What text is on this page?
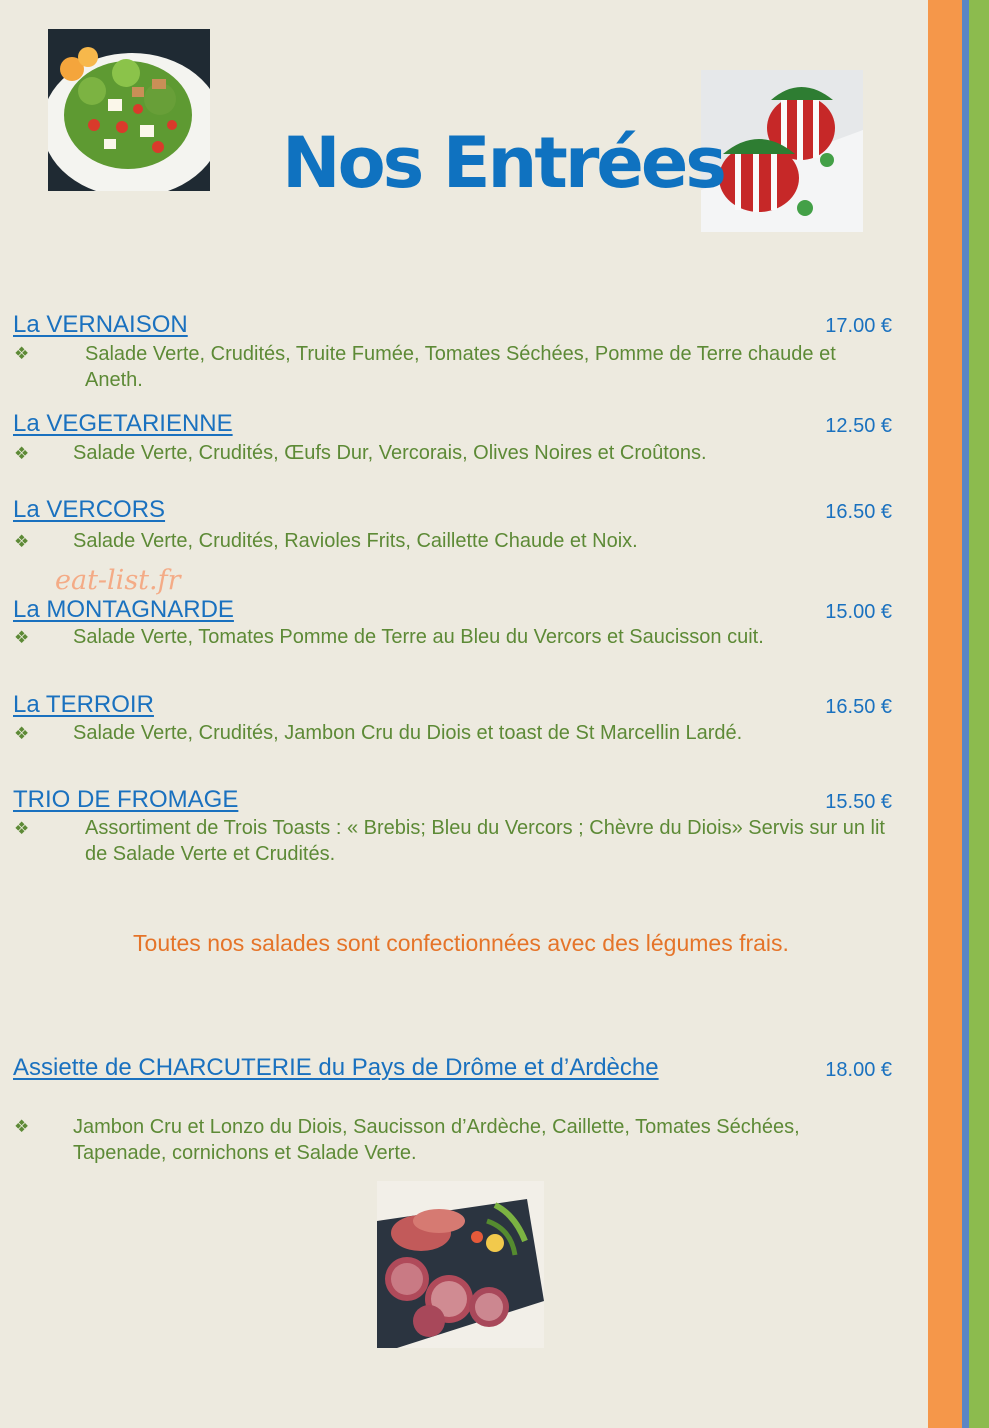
Nos Entrées
eat-list.fr
La VERNAISON	17.00 €
❖	Salade Verte, Crudités, Truite Fumée, Tomates Séchées, Pomme de Terre chaude et Aneth.
La VEGETARIENNE	12.50 €
❖ Salade Verte, Crudités, Œufs Dur, Vercorais, Olives Noires et Croûtons.
La VERCORS	16.50 €
❖ Salade Verte, Crudités, Ravioles Frits, Caillette Chaude et Noix.
La MONTAGNARDE	15.00 €
❖ Salade Verte, Tomates Pomme de Terre au Bleu du Vercors et Saucisson cuit.
La TERROIR	16.50 €
❖ Salade Verte, Crudités, Jambon Cru du Diois et toast de St Marcellin Lardé.
TRIO DE FROMAGE	15.50 €
❖	Assortiment de Trois Toasts : « Brebis; Bleu du Vercors ; Chèvre du Diois» Servis sur un lit de Salade Verte et Crudités.
Toutes nos salades sont confectionnées avec des légumes frais.
Assiette de CHARCUTERIE du Pays de Drôme et d’Ardèche	18.00 €
❖ Jambon Cru et Lonzo du Diois, Saucisson d’Ardèche, Caillette, Tomates Séchées, Tapenade, cornichons et Salade Verte.
